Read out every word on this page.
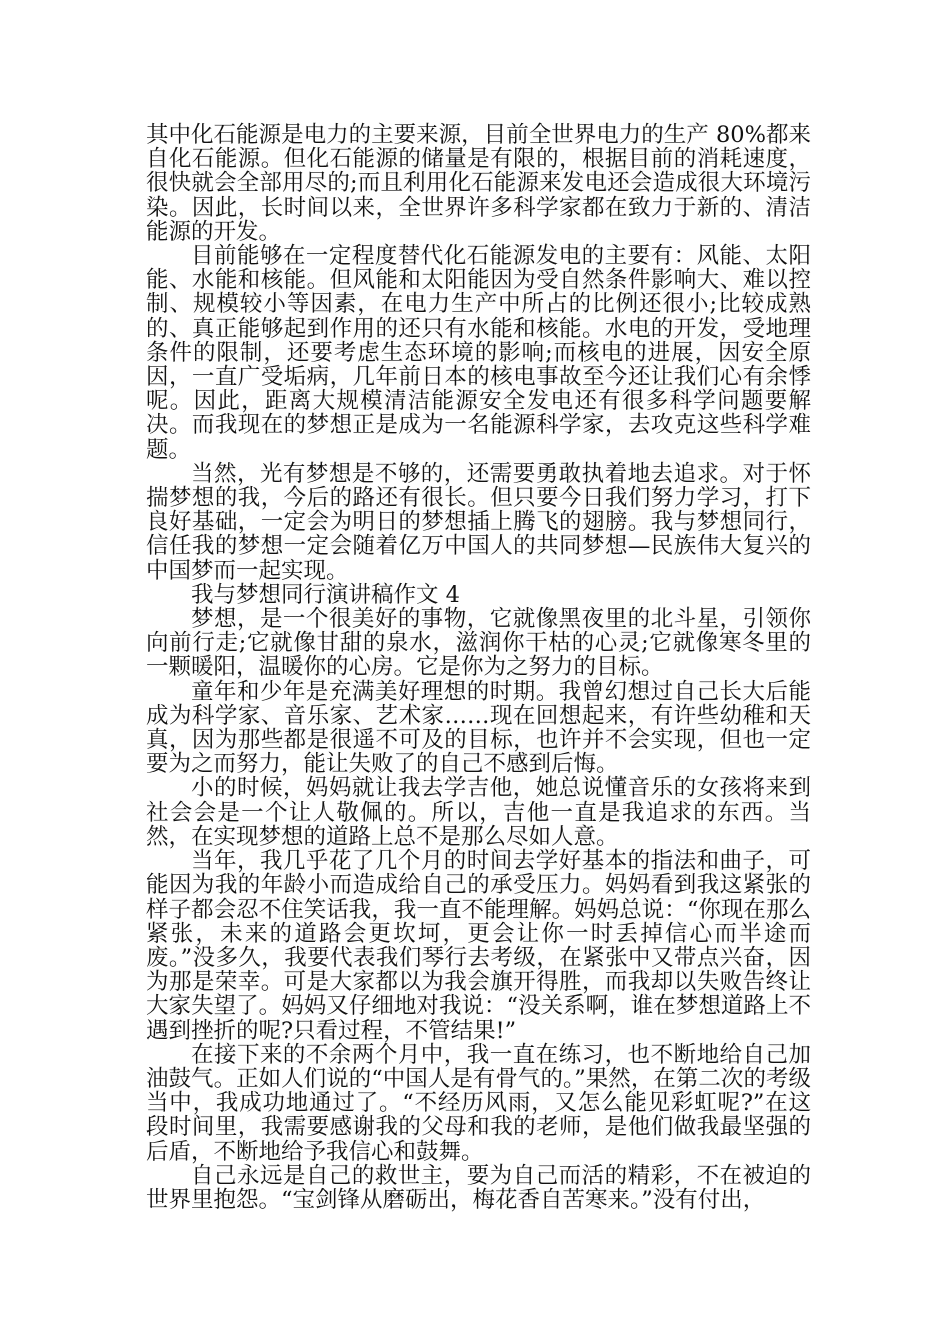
其中化石能源是电力的主要来源，目前全世界电力的生产 80%都来自化石能源。但化石能源的储量是有限的，根据目前的消耗速度，很快就会全部用尽的;而且利用化石能源来发电还会造成很大环境污染。因此，长时间以来，全世界许多科学家都在致力于新的、清洁能源的开发。

目前能够在一定程度替代化石能源发电的主要有：风能、太阳能、水能和核能。但风能和太阳能因为受自然条件影响大、难以控制、规模较小等因素，在电力生产中所占的比例还很小;比较成熟的、真正能够起到作用的还只有水能和核能。水电的开发，受地理条件的限制，还要考虑生态环境的影响;而核电的进展，因安全原因，一直广受垢病，几年前日本的核电事故至今还让我们心有余悸呢。因此，距离大规模清洁能源安全发电还有很多科学问题要解决。而我现在的梦想正是成为一名能源科学家，去攻克这些科学难题。

当然，光有梦想是不够的，还需要勇敢执着地去追求。对于怀揣梦想的我，今后的路还有很长。但只要今日我们努力学习，打下良好基础，一定会为明日的梦想插上腾飞的翅膀。我与梦想同行，信任我的梦想一定会随着亿万中国人的共同梦想—民族伟大复兴的中国梦而一起实现。

我与梦想同行演讲稿作文 4

梦想，是一个很美好的事物，它就像黑夜里的北斗星，引领你向前行走;它就像甘甜的泉水，滋润你干枯的心灵;它就像寒冬里的一颗暖阳，温暖你的心房。它是你为之努力的目标。

童年和少年是充满美好理想的时期。我曾幻想过自己长大后能成为科学家、音乐家、艺术家……现在回想起来，有许些幼稚和天真，因为那些都是很遥不可及的目标，也许并不会实现，但也一定要为之而努力，能让失败了的自己不感到后悔。

小的时候，妈妈就让我去学吉他，她总说懂音乐的女孩将来到社会会是一个让人敬佩的。所以，吉他一直是我追求的东西。当然，在实现梦想的道路上总不是那么尽如人意。

当年，我几乎花了几个月的时间去学好基本的指法和曲子，可能因为我的年龄小而造成给自己的承受压力。妈妈看到我这紧张的样子都会忍不住笑话我，我一直不能理解。妈妈总说：“你现在那么紧张，未来的道路会更坎坷，更会让你一时丢掉信心而半途而废。”没多久，我要代表我们琴行去考级，在紧张中又带点兴奋，因为那是荣幸。可是大家都以为我会旗开得胜，而我却以失败告终让大家失望了。妈妈又仔细地对我说：“没关系啊，谁在梦想道路上不遇到挫折的呢?只看过程，不管结果!”

在接下来的不余两个月中，我一直在练习，也不断地给自己加油鼓气。正如人们说的“中国人是有骨气的。”果然，在第二次的考级当中，我成功地通过了。“不经历风雨，又怎么能见彩虹呢?”在这段时间里，我需要感谢我的父母和我的老师，是他们做我最坚强的后盾，不断地给予我信心和鼓舞。

自己永远是自己的救世主，要为自己而活的精彩，不在被迫的世界里抱怨。“宝剑锋从磨砺出，梅花香自苦寒来。”没有付出，
